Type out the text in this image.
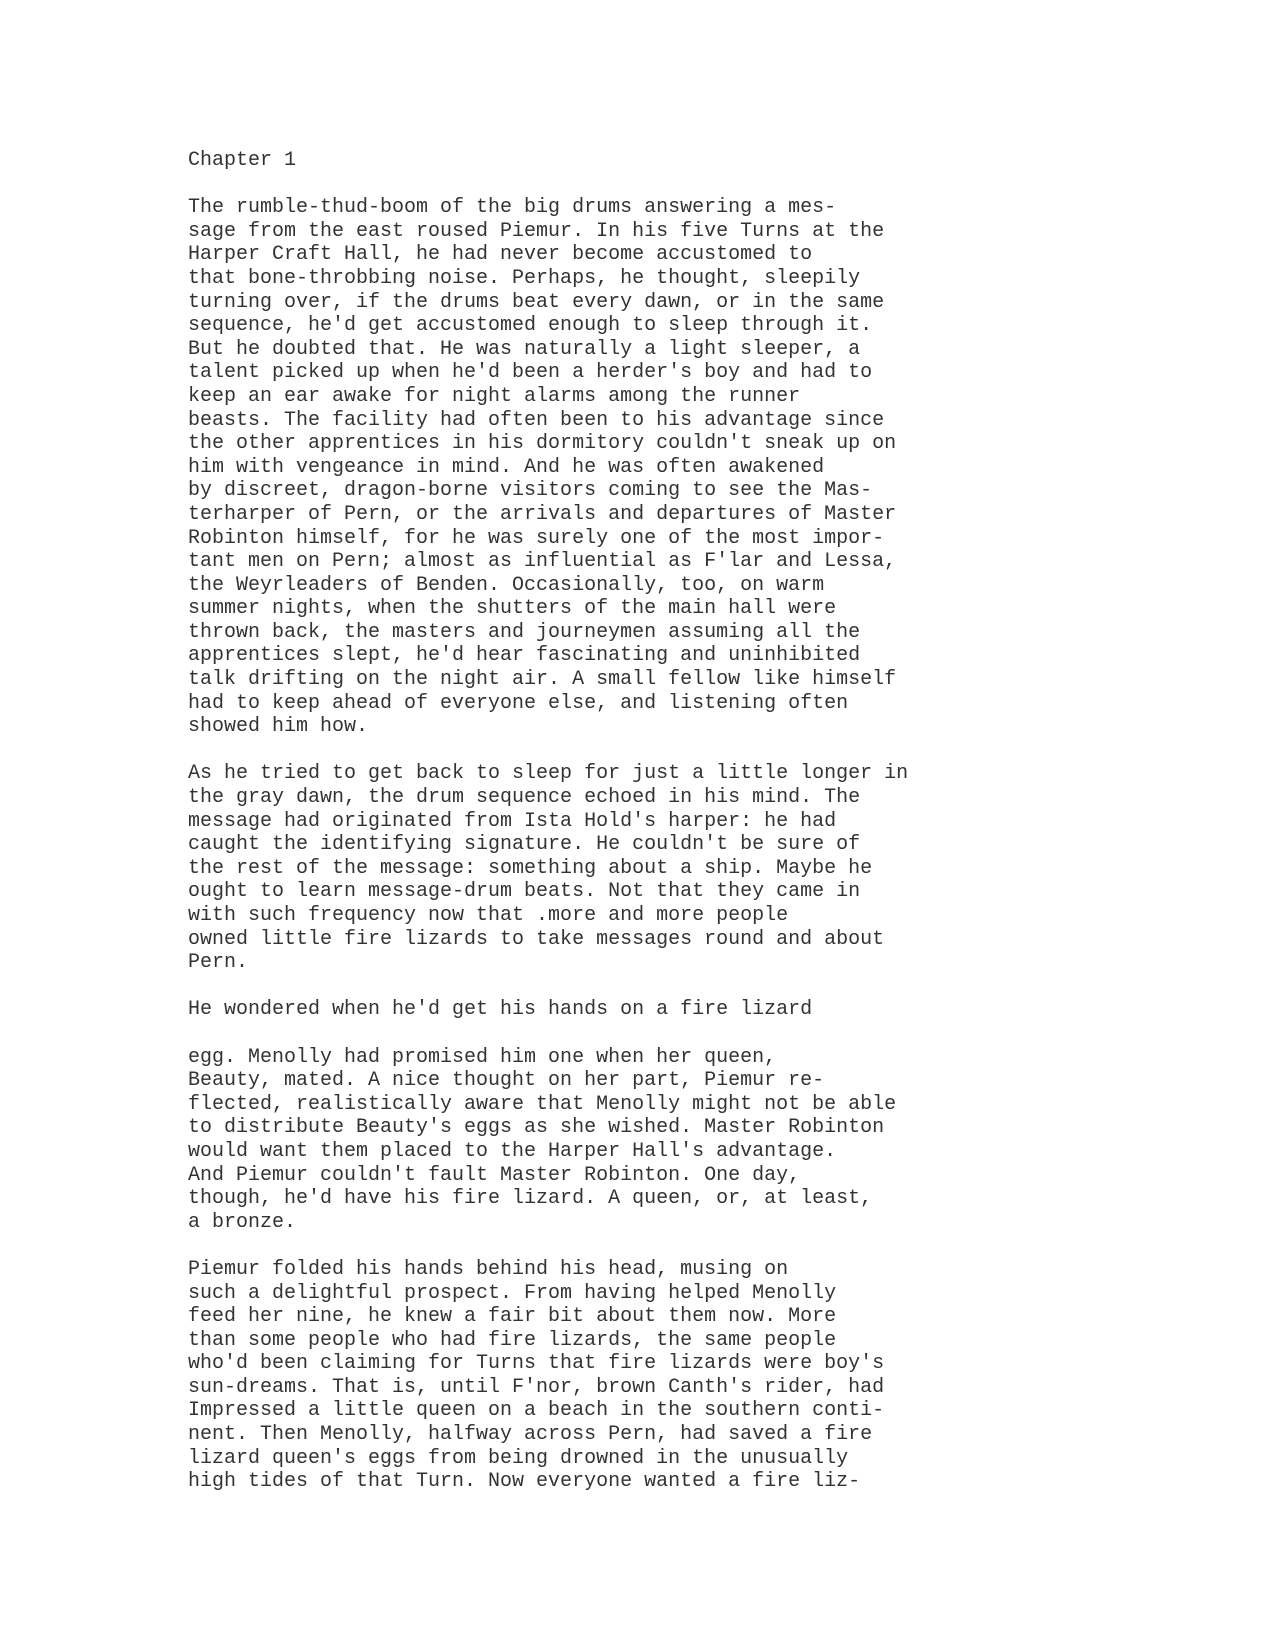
Chapter 1
The rumble-thud-boom of the big drums answering a mes-
sage from the east roused Piemur. In his five Turns at the
Harper Craft Hall, he had never become accustomed to
that bone-throbbing noise. Perhaps, he thought, sleepily
turning over, if the drums beat every dawn, or in the same
sequence, he'd get accustomed enough to sleep through it.
But he doubted that. He was naturally a light sleeper, a
talent picked up when he'd been a herder's boy and had to
keep an ear awake for night alarms among the runner
beasts. The facility had often been to his advantage since
the other apprentices in his dormitory couldn't sneak up on
him with vengeance in mind. And he was often awakened
by discreet, dragon-borne visitors coming to see the Mas-
terharper of Pern, or the arrivals and departures of Master
Robinton himself, for he was surely one of the most impor-
tant men on Pern; almost as influential as F'lar and Lessa,
the Weyrleaders of Benden. Occasionally, too, on warm
summer nights, when the shutters of the main hall were
thrown back, the masters and journeymen assuming all the
apprentices slept, he'd hear fascinating and uninhibited
talk drifting on the night air. A small fellow like himself
had to keep ahead of everyone else, and listening often
showed him how.
As he tried to get back to sleep for just a little longer in
the gray dawn, the drum sequence echoed in his mind. The
message had originated from Ista Hold's harper: he had
caught the identifying signature. He couldn't be sure of
the rest of the message: something about a ship. Maybe he
ought to learn message-drum beats. Not that they came in
with such frequency now that .more and more people
owned little fire lizards to take messages round and about
Pern.
He wondered when he'd get his hands on a fire lizard
egg. Menolly had promised him one when her queen,
Beauty, mated. A nice thought on her part, Piemur re-
flected, realistically aware that Menolly might not be able
to distribute Beauty's eggs as she wished. Master Robinton
would want them placed to the Harper Hall's advantage.
And Piemur couldn't fault Master Robinton. One day,
though, he'd have his fire lizard. A queen, or, at least,
a bronze.
Piemur folded his hands behind his head, musing on
such a delightful prospect. From having helped Menolly
feed her nine, he knew a fair bit about them now. More
than some people who had fire lizards, the same people
who'd been claiming for Turns that fire lizards were boy's
sun-dreams. That is, until F'nor, brown Canth's rider, had
Impressed a little queen on a beach in the southern conti-
nent. Then Menolly, halfway across Pern, had saved a fire
lizard queen's eggs from being drowned in the unusually
high tides of that Turn. Now everyone wanted a fire liz-
